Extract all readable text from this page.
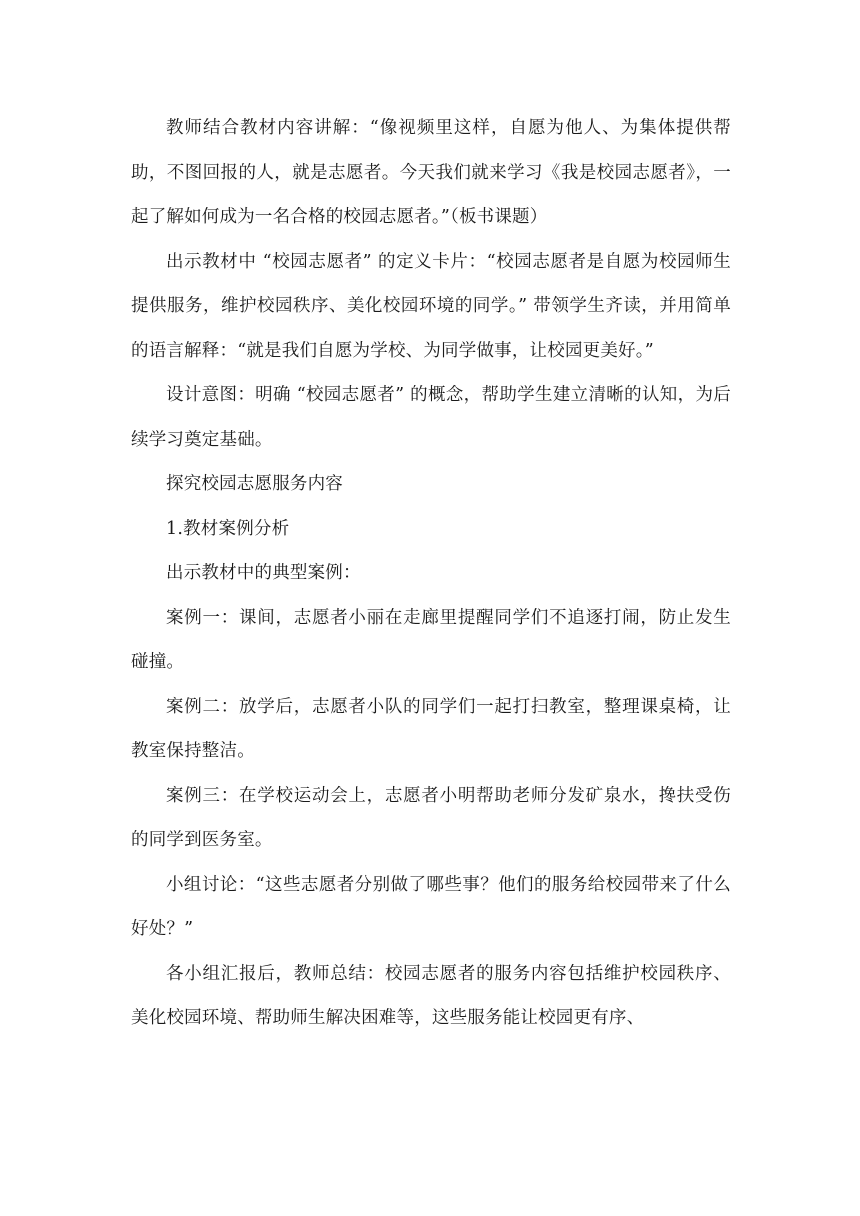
教师结合教材内容讲解：“像视频里这样，自愿为他人、为集体提供帮助，不图回报的人，就是志愿者。今天我们就来学习《我是校园志愿者》，一起了解如何成为一名合格的校园志愿者。”（板书课题）

出示教材中 “校园志愿者” 的定义卡片：“校园志愿者是自愿为校园师生提供服务，维护校园秩序、美化校园环境的同学。” 带领学生齐读，并用简单的语言解释：“就是我们自愿为学校、为同学做事，让校园更美好。”

设计意图：明确 “校园志愿者” 的概念，帮助学生建立清晰的认知，为后续学习奠定基础。

探究校园志愿服务内容

1.教材案例分析

出示教材中的典型案例：

案例一：课间，志愿者小丽在走廊里提醒同学们不追逐打闹，防止发生碰撞。

案例二：放学后，志愿者小队的同学们一起打扫教室，整理课桌椅，让教室保持整洁。

案例三：在学校运动会上，志愿者小明帮助老师分发矿泉水，搀扶受伤的同学到医务室。

小组讨论：“这些志愿者分别做了哪些事？他们的服务给校园带来了什么好处？”

各小组汇报后，教师总结：校园志愿者的服务内容包括维护校园秩序、美化校园环境、帮助师生解决困难等，这些服务能让校园更有序、
